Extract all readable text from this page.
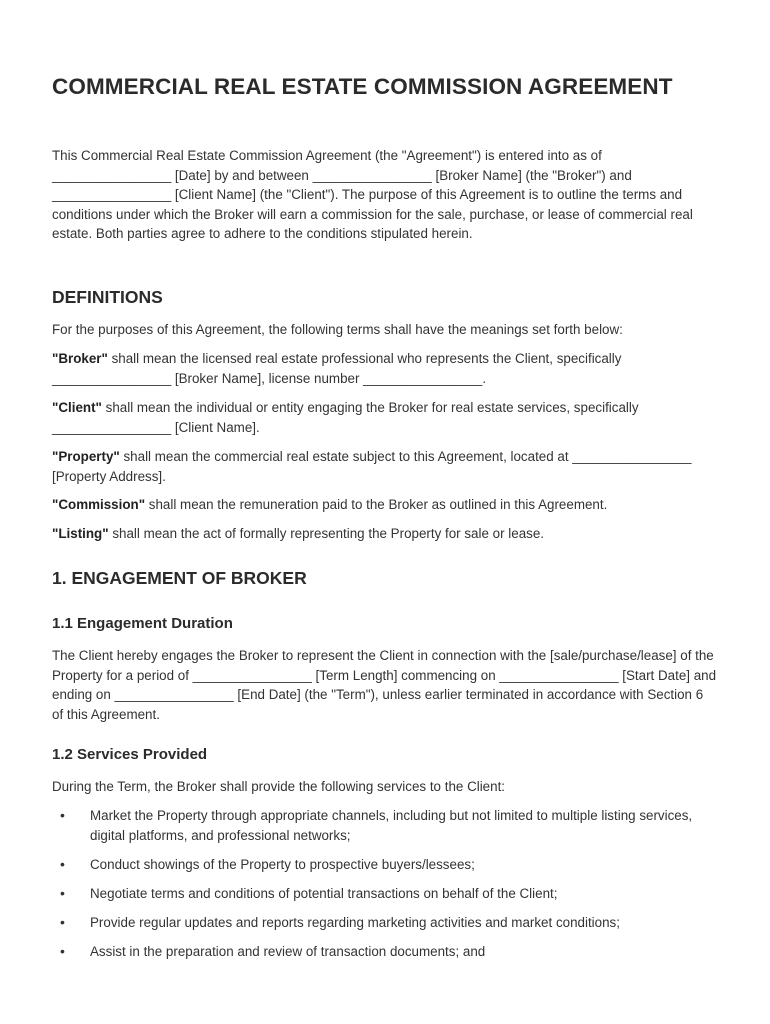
COMMERCIAL REAL ESTATE COMMISSION AGREEMENT

This Commercial Real Estate Commission Agreement (the "Agreement") is entered into as of ________________ [Date] by and between ________________ [Broker Name] (the "Broker") and ________________ [Client Name] (the "Client"). The purpose of this Agreement is to outline the terms and conditions under which the Broker will earn a commission for the sale, purchase, or lease of commercial real estate. Both parties agree to adhere to the conditions stipulated herein.

DEFINITIONS

For the purposes of this Agreement, the following terms shall have the meanings set forth below:

"Broker" shall mean the licensed real estate professional who represents the Client, specifically ________________ [Broker Name], license number ________________.

"Client" shall mean the individual or entity engaging the Broker for real estate services, specifically ________________ [Client Name].

"Property" shall mean the commercial real estate subject to this Agreement, located at ________________ [Property Address].

"Commission" shall mean the remuneration paid to the Broker as outlined in this Agreement.

"Listing" shall mean the act of formally representing the Property for sale or lease.

1. ENGAGEMENT OF BROKER
1.1 Engagement Duration

The Client hereby engages the Broker to represent the Client in connection with the [sale/purchase/lease] of the Property for a period of ________________ [Term Length] commencing on ________________ [Start Date] and ending on ________________ [End Date] (the "Term"), unless earlier terminated in accordance with Section 6 of this Agreement.

1.2 Services Provided

During the Term, the Broker shall provide the following services to the Client:

• Market the Property through appropriate channels, including but not limited to multiple listing services, digital platforms, and professional networks;
• Conduct showings of the Property to prospective buyers/lessees;
• Negotiate terms and conditions of potential transactions on behalf of the Client;
• Provide regular updates and reports regarding marketing activities and market conditions;
• Assist in the preparation and review of transaction documents; and
